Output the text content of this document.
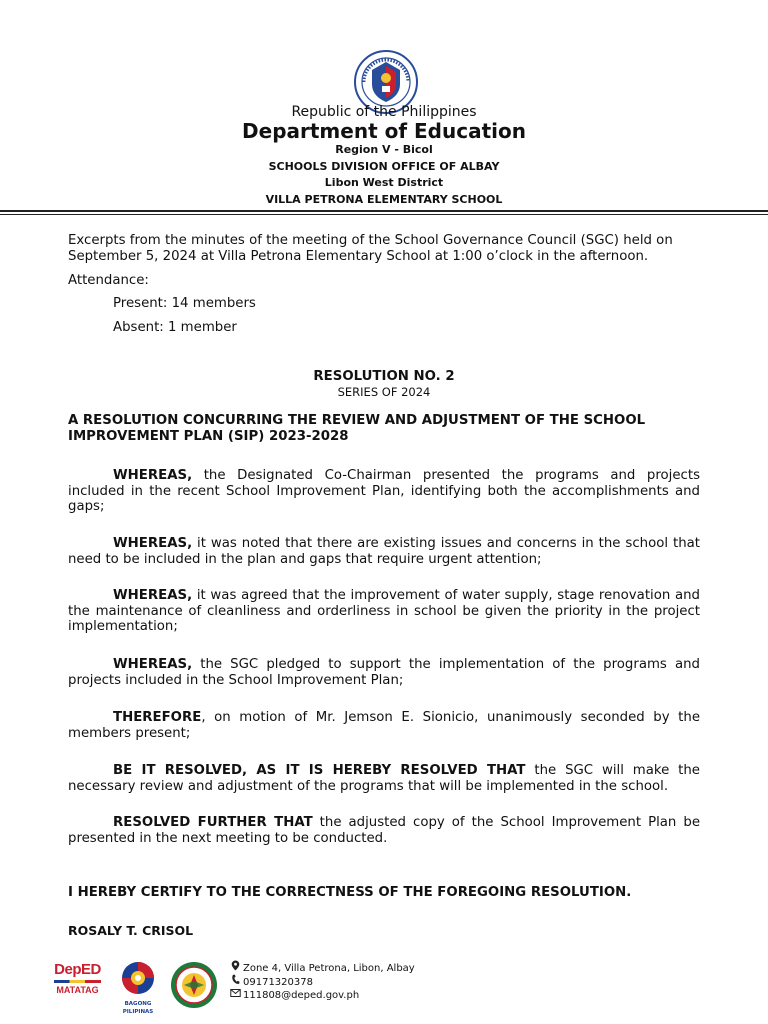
Republic of the Philippines
Department of Education
Region V - Bicol
SCHOOLS DIVISION OFFICE OF ALBAY
Libon West District
VILLA PETRONA ELEMENTARY SCHOOL
Excerpts from the minutes of the meeting of the School Governance Council (SGC) held on September 5, 2024 at Villa Petrona Elementary School at 1:00 o’clock in the afternoon.
Attendance:
Present: 14 members
Absent: 1 member
RESOLUTION NO. 2
SERIES OF 2024
A RESOLUTION CONCURRING THE REVIEW AND ADJUSTMENT OF THE SCHOOL IMPROVEMENT PLAN (SIP) 2023-2028
WHEREAS, the Designated Co-Chairman presented the programs and projects included in the recent School Improvement Plan, identifying both the accomplishments and gaps;
WHEREAS, it was noted that there are existing issues and concerns in the school that need to be included in the plan and gaps that require urgent attention;
WHEREAS, it was agreed that the improvement of water supply, stage renovation and the maintenance of cleanliness and orderliness in school be given the priority in the project implementation;
WHEREAS, the SGC pledged to support the implementation of the programs and projects included in the School Improvement Plan;
THEREFORE, on motion of Mr. Jemson E. Sionicio, unanimously seconded by the members present;
BE IT RESOLVED, AS IT IS HEREBY RESOLVED THAT the SGC will make the necessary review and adjustment of the programs that will be implemented in the school.
RESOLVED FURTHER THAT the adjusted copy of the School Improvement Plan be presented in the next meeting to be conducted.
I HEREBY CERTIFY TO THE CORRECTNESS OF THE FOREGOING RESOLUTION.
ROSALY T. CRISOL
DepED
MATATAG
BAGONG PILIPINAS
Zone 4, Villa Petrona, Libon, Albay
09171320378
111808@deped.gov.ph
